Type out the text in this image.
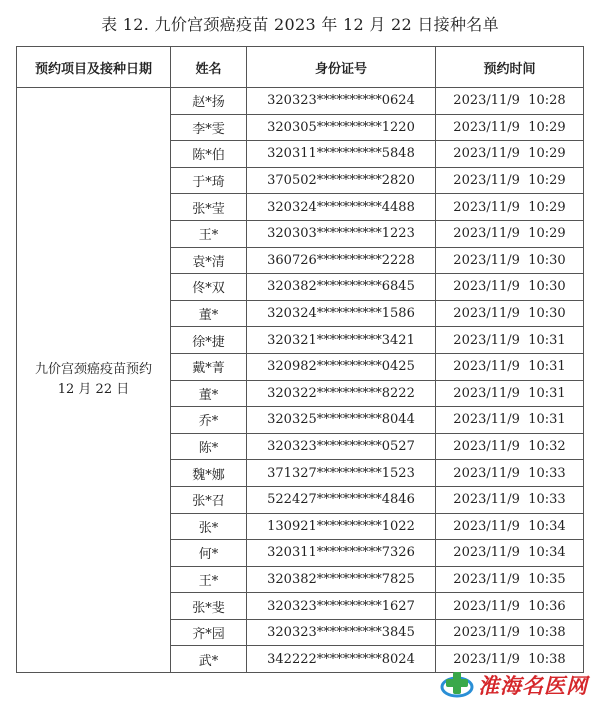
表 12. 九价宫颈癌疫苗 2023 年 12 月 22 日接种名单
预约项目及接种日期	姓名	身份证号	预约时间
九价宫颈癌疫苗预约
12 月 22 日	赵*扬	320323**********0624	2023/11/9  10:28
	李*雯	320305**********1220	2023/11/9  10:29
	陈*伯	320311**********5848	2023/11/9  10:29
	于*琦	370502**********2820	2023/11/9  10:29
	张*莹	320324**********4488	2023/11/9  10:29
	王*	320303**********1223	2023/11/9  10:29
	袁*清	360726**********2228	2023/11/9  10:30
	佟*双	320382**********6845	2023/11/9  10:30
	董*	320324**********1586	2023/11/9  10:30
	徐*捷	320321**********3421	2023/11/9  10:31
	戴*菁	320982**********0425	2023/11/9  10:31
	董*	320322**********8222	2023/11/9  10:31
	乔*	320325**********8044	2023/11/9  10:31
	陈*	320323**********0527	2023/11/9  10:32
	魏*娜	371327**********1523	2023/11/9  10:33
	张*召	522427**********4846	2023/11/9  10:33
	张*	130921**********1022	2023/11/9  10:34
	何*	320311**********7326	2023/11/9  10:34
	王*	320382**********7825	2023/11/9  10:35
	张*斐	320323**********1627	2023/11/9  10:36
	齐*园	320323**********3845	2023/11/9  10:38
	武*	342222**********8024	2023/11/9  10:38
淮海名医网
